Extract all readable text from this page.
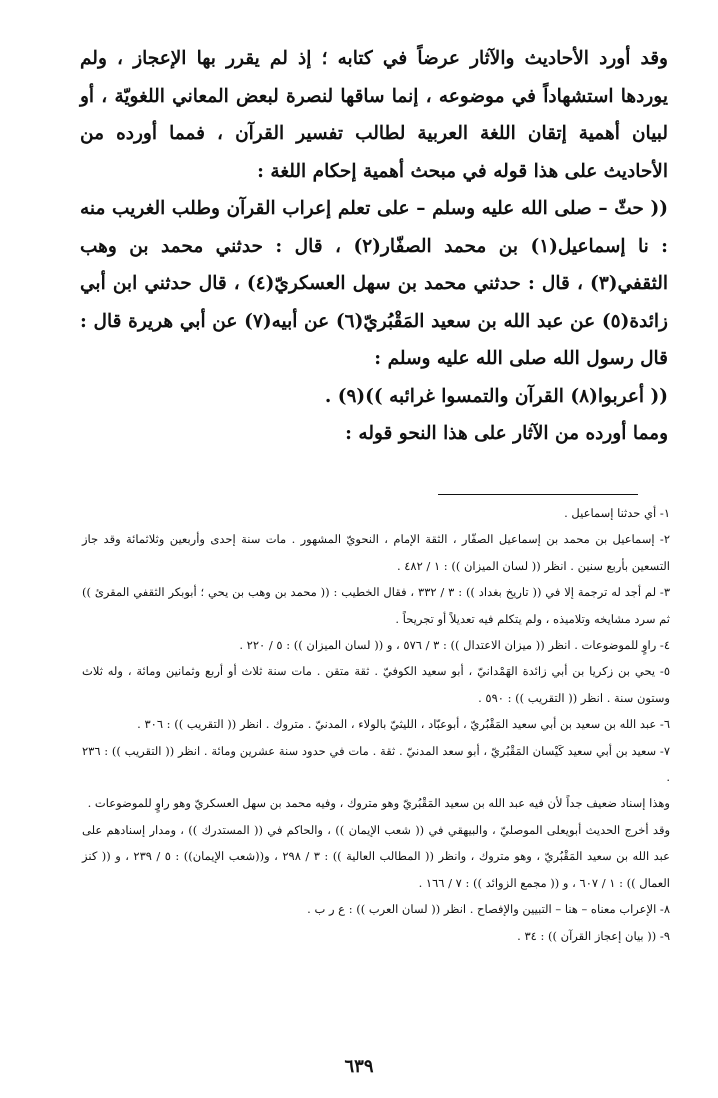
وقد أورد الأحاديث والآثار عرضاً في كتابه ؛ إذ لم يقرر بها الإعجاز ، ولم يوردها استشهاداً في موضوعه ، إنما ساقها لنصرة لبعض المعاني اللغويّة ، أو لبيان أهمية إتقان اللغة العربية لطالب تفسير القرآن ، فمما أورده من الأحاديث على هذا قوله في مبحث أهمية إحكام اللغة :

(( حثّ – صلى الله عليه وسلم – على تعلم إعراب القرآن وطلب الغريب منه : نا إسماعيل(١) بن محمد الصفّار(٢) ، قال : حدثني محمد بن وهب الثقفي(٣) ، قال : حدثني محمد بن سهل العسكريّ(٤) ، قال حدثني ابن أبي زائدة(٥) عن عبد الله بن سعيد المَقْبُريّ(٦) عن أبيه(٧) عن أبي هريرة قال : قال رسول الله صلى الله عليه وسلم :

(( أعربوا(٨) القرآن والتمسوا غرائبه ))(٩) .

ومما أورده من الآثار على هذا النحو قوله :

١- أي حدثنا إسماعيل .

٢- إسماعيل بن محمد بن إسماعيل الصفّار ، الثقة الإمام ، النحويّ المشهور . مات سنة إحدى وأربعين وثلاثمائة وقد جاز التسعين بأربع سنين . انظر (( لسان الميزان )) : ١ / ٤٨٢ .

٣- لم أجد له ترجمة إلا في (( تاريخ بغداد )) : ٣ / ٣٣٢ ، فقال الخطيب : (( محمد بن وهب بن يحي ؛ أبوبكر الثقفي المقرئ )) ثم سرد مشايخه وتلاميذه ، ولم يتكلم فيه تعديلاً أو تجريحاً .

٤- راوٍ للموضوعات . انظر (( ميزان الاعتدال )) : ٣ / ٥٧٦ ، و (( لسان الميزان )) : ٥ / ٢٢٠ .

٥- يحي بن زكريا بن أبي زائدة الهَمْدانيّ ، أبو سعيد الكوفيّ . ثقة متقن . مات سنة ثلاث أو أربع وثمانين ومائة ، وله ثلاث وستون سنة . انظر (( التقريب )) : ٥٩٠ .

٦- عبد الله بن سعيد بن أبي سعيد المَقْبُريّ ، أبوعبّاد ، الليثيّ بالولاء ، المدنيّ . متروك . انظر (( التقريب )) : ٣٠٦ .

٧- سعيد بن أبي سعيد كَيْسان المَقْبُريّ ، أبو سعد المدنيّ . ثقة . مات في حدود سنة عشرين ومائة . انظر (( التقريب )) : ٢٣٦ .

وهذا إسناد ضعيف جداً لأن فيه عبد الله بن سعيد المَقْبُريّ وهو متروك ، وفيه محمد بن سهل العسكريّ وهو راوٍ للموضوعات .

وقد أخرج الحديث أبويعلى الموصليّ ، والبيهقي في (( شعب الإيمان )) ، والحاكم في (( المستدرك )) ، ومدار إسنادهم على عبد الله بن سعيد المَقْبُريّ ، وهو متروك ، وانظر (( المطالب العالية )) : ٣ / ٢٩٨ ، و((شعب الإيمان)) : ٥ / ٢٣٩ ، و (( كنز العمال )) : ١ / ٦٠٧ ، و (( مجمع الزوائد )) : ٧ / ١٦٦ .

٨- الإعراب معناه – هنا – التبيين والإفصاح . انظر (( لسان العرب )) : ع ر ب .

٩- (( بيان إعجاز القرآن )) : ٣٤ .

٦٣٩
